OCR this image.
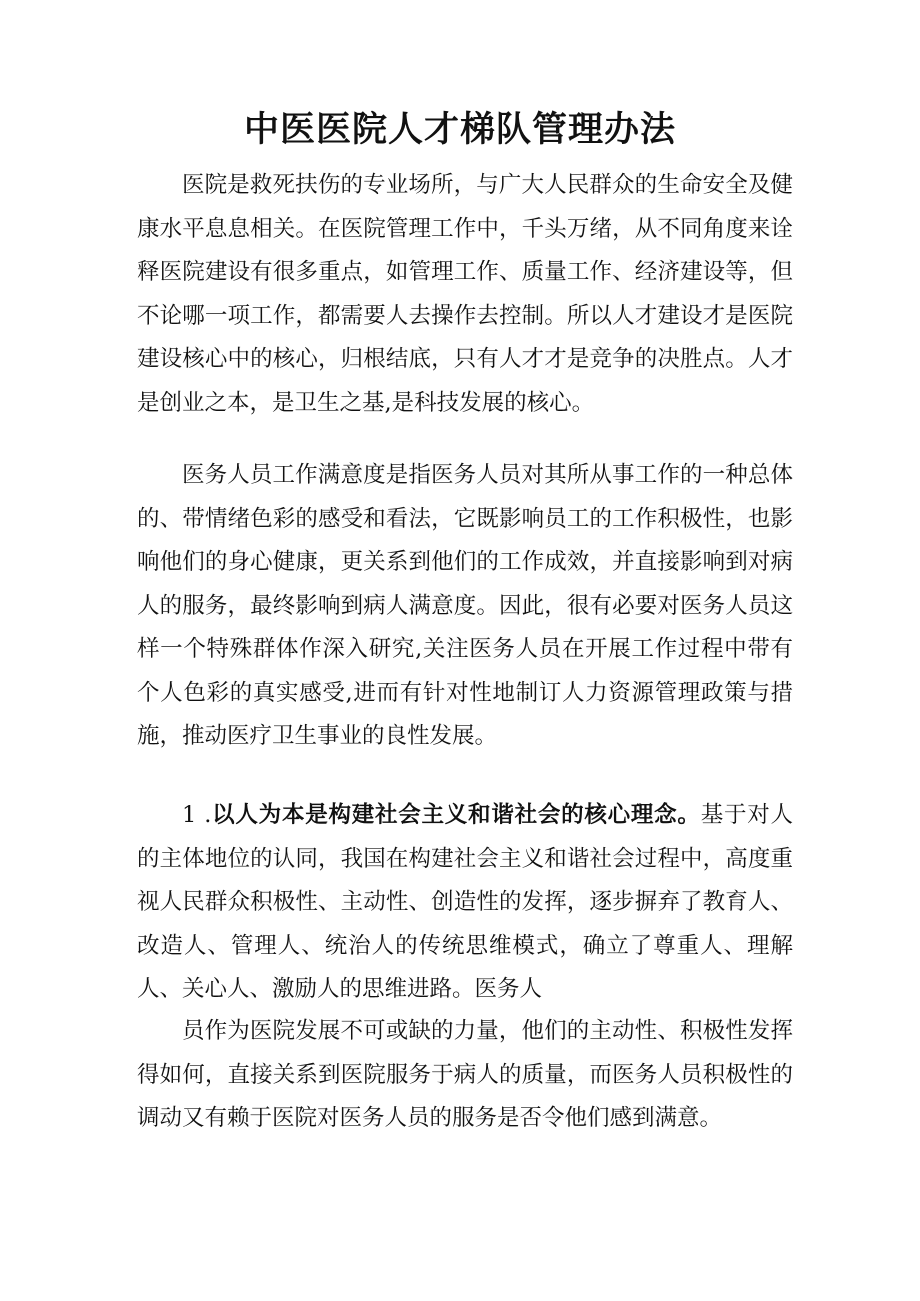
中医医院人才梯队管理办法

医院是救死扶伤的专业场所，与广大人民群众的生命安全及健康水平息息相关。在医院管理工作中，千头万绪，从不同角度来诠释医院建设有很多重点，如管理工作、质量工作、经济建设等，但不论哪一项工作，都需要人去操作去控制。所以人才建设才是医院建设核心中的核心，归根结底，只有人才才是竞争的决胜点。人才是创业之本，是卫生之基,是科技发展的核心。

医务人员工作满意度是指医务人员对其所从事工作的一种总体的、带情绪色彩的感受和看法，它既影响员工的工作积极性，也影响他们的身心健康，更关系到他们的工作成效，并直接影响到对病人的服务，最终影响到病人满意度。因此，很有必要对医务人员这样一个特殊群体作深入研究,关注医务人员在开展工作过程中带有个人色彩的真实感受,进而有针对性地制订人力资源管理政策与措施，推动医疗卫生事业的良性发展。

1 .以人为本是构建社会主义和谐社会的核心理念。基于对人的主体地位的认同，我国在构建社会主义和谐社会过程中，高度重视人民群众积极性、主动性、创造性的发挥，逐步摒弃了教育人、改造人、管理人、统治人的传统思维模式，确立了尊重人、理解人、关心人、激励人的思维进路。医务人

员作为医院发展不可或缺的力量，他们的主动性、积极性发挥得如何，直接关系到医院服务于病人的质量，而医务人员积极性的调动又有赖于医院对医务人员的服务是否令他们感到满意。
